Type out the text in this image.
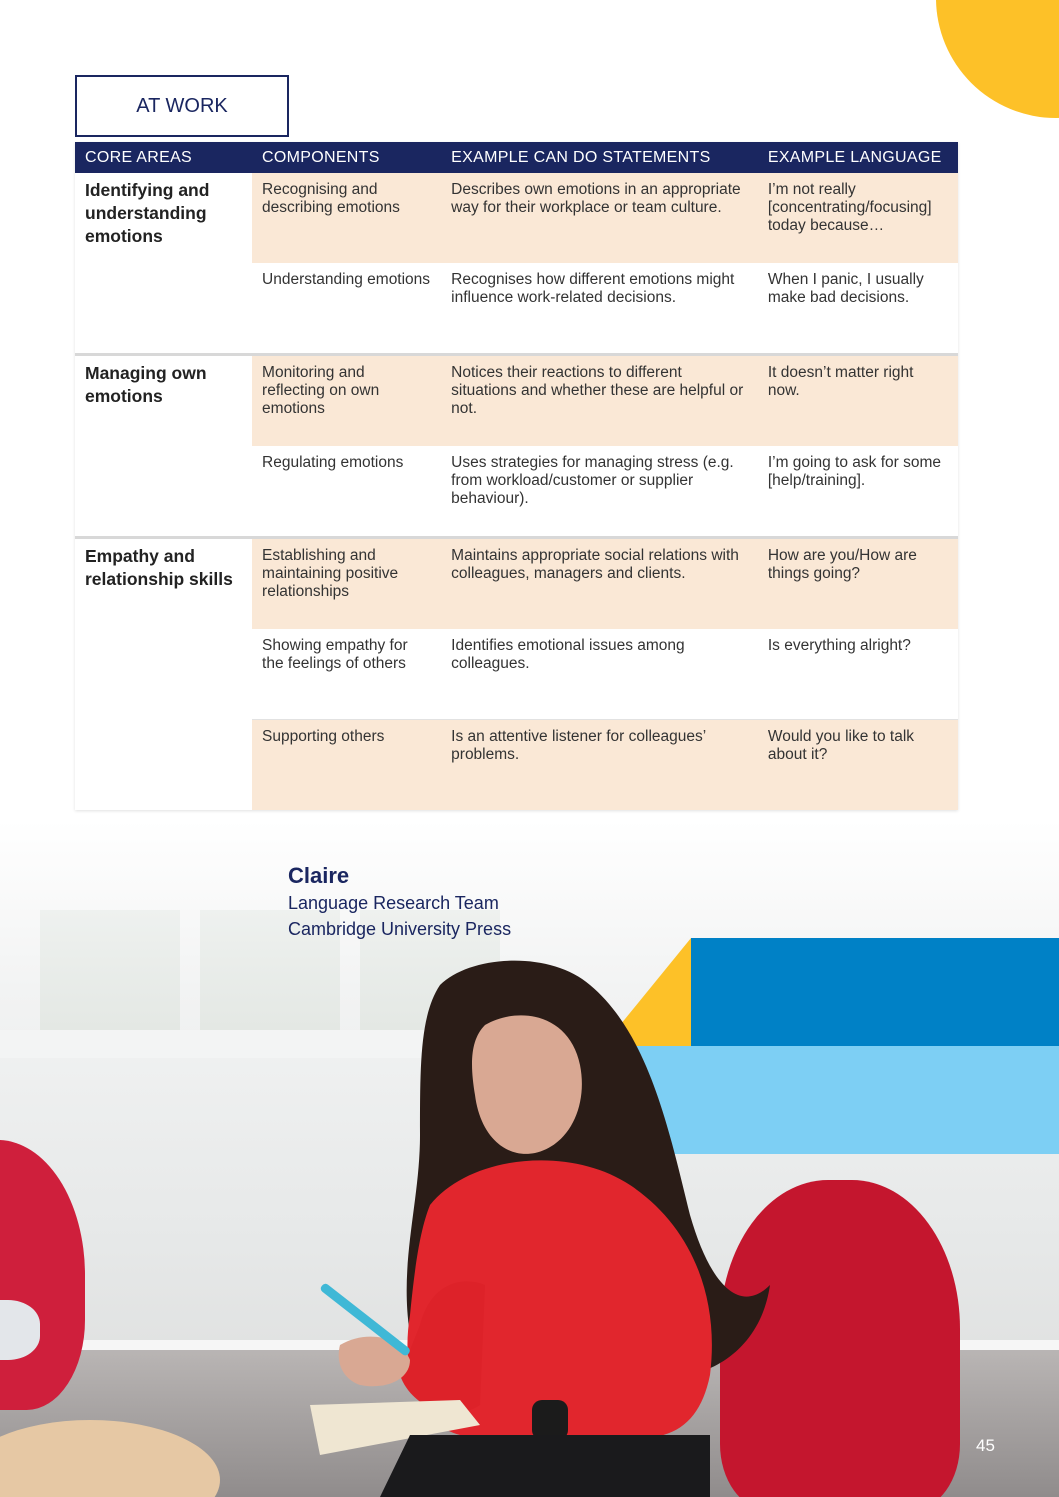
AT WORK
CORE AREAS	COMPONENTS	EXAMPLE CAN DO STATEMENTS	EXAMPLE LANGUAGE
Identifying and understanding emotions	Recognising and describing emotions	Describes own emotions in an appropriate way for their workplace or team culture.	I’m not really [concentrating/focusing] today because…
	Understanding emotions	Recognises how different emotions might influence work-related decisions.	When I panic, I usually make bad decisions.
Managing own emotions	Monitoring and reflecting on own emotions	Notices their reactions to different situations and whether these are helpful or not.	It doesn’t matter right now.
	Regulating emotions	Uses strategies for managing stress (e.g. from workload/customer or supplier behaviour).	I’m going to ask for some [help/training].
Empathy and relationship skills	Establishing and maintaining positive relationships	Maintains appropriate social relations with colleagues, managers and clients.	How are you/How are things going?
	Showing empathy for the feelings of others	Identifies emotional issues among colleagues.	Is everything alright?
	Supporting others	Is an attentive listener for colleagues’ problems.	Would you like to talk about it?
Claire
Language Research Team
Cambridge University Press
45
